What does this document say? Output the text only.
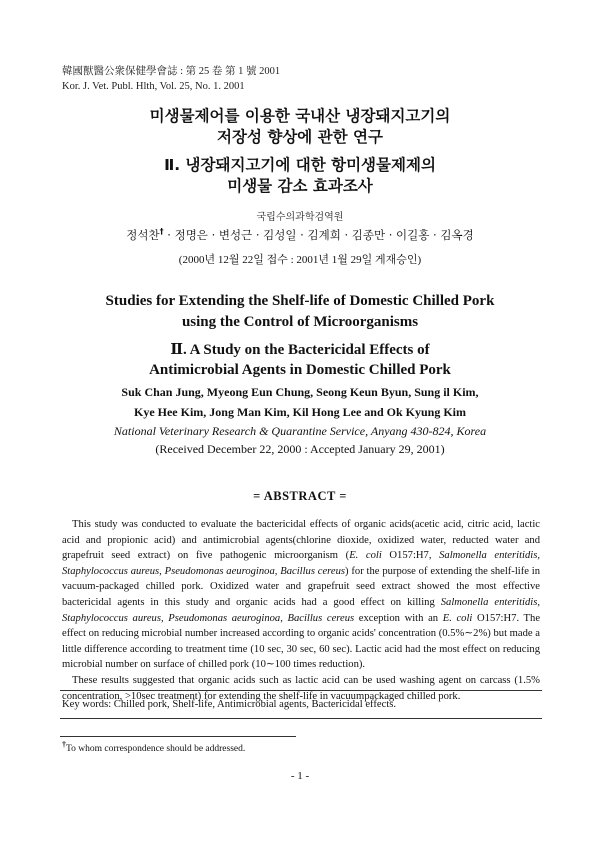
韓國獸醫公衆保健學會誌 : 第 25 卷 第 1 號 2001
Kor. J. Vet. Publ. Hlth, Vol. 25, No. 1. 2001
미생물제어를 이용한 국내산 냉장돼지고기의
저장성 향상에 관한 연구
Ⅱ. 냉장돼지고기에 대한 항미생물제제의
미생물 감소 효과조사
국립수의과학검역원
정석찬† · 정명은 · 변성근 · 김성일 · 김계희 · 김종만 · 이길홍 · 김옥경
(2000년 12월 22일 접수 : 2001년 1월 29일 게재승인)
Studies for Extending the Shelf-life of Domestic Chilled Pork
using the Control of Microorganisms
Ⅱ. A Study on the Bactericidal Effects of
Antimicrobial Agents in Domestic Chilled Pork
Suk Chan Jung, Myeong Eun Chung, Seong Keun Byun, Sung il Kim,
Kye Hee Kim, Jong Man Kim, Kil Hong Lee and Ok Kyung Kim
National Veterinary Research & Quarantine Service, Anyang 430-824, Korea
(Received December 22, 2000 : Accepted January 29, 2001)
= ABSTRACT =

This study was conducted to evaluate the bactericidal effects of organic acids(acetic acid, citric acid, lactic acid and propionic acid) and antimicrobial agents(chlorine dioxide, oxidized water, reducted water and grapefruit seed extract) on five pathogenic microorganism (E. coli O157:H7, Salmonella enteritidis, Staphylococcus aureus, Pseudomonas aeuroginoa, Bacillus cereus) for the purpose of extending the shelf-life in vacuum-packaged chilled pork. Oxidized water and grapefruit seed extract showed the most effective bactericidal agents in this study and organic acids had a good effect on killing Salmonella enteritidis, Staphylococcus aureus, Pseudomonas aeuroginoa, Bacillus cereus exception with an E. coli O157:H7. The effect on reducing microbial number increased according to organic acids' concentration (0.5%∼2%) but made a little difference according to treatment time (10 sec, 30 sec, 60 sec). Lactic acid had the most effect on reducing microbial number on surface of chilled pork (10∼100 times reduction).

These results suggested that organic acids such as lactic acid can be used washing agent on carcass (1.5% concentration, >10sec treatment) for extending the shelf-life in vacuumpackaged chilled pork.

Key words: Chilled pork, Shelf-life, Antimicrobial agents, Bactericidal effects.
†To whom correspondence should be addressed.
- 1 -
